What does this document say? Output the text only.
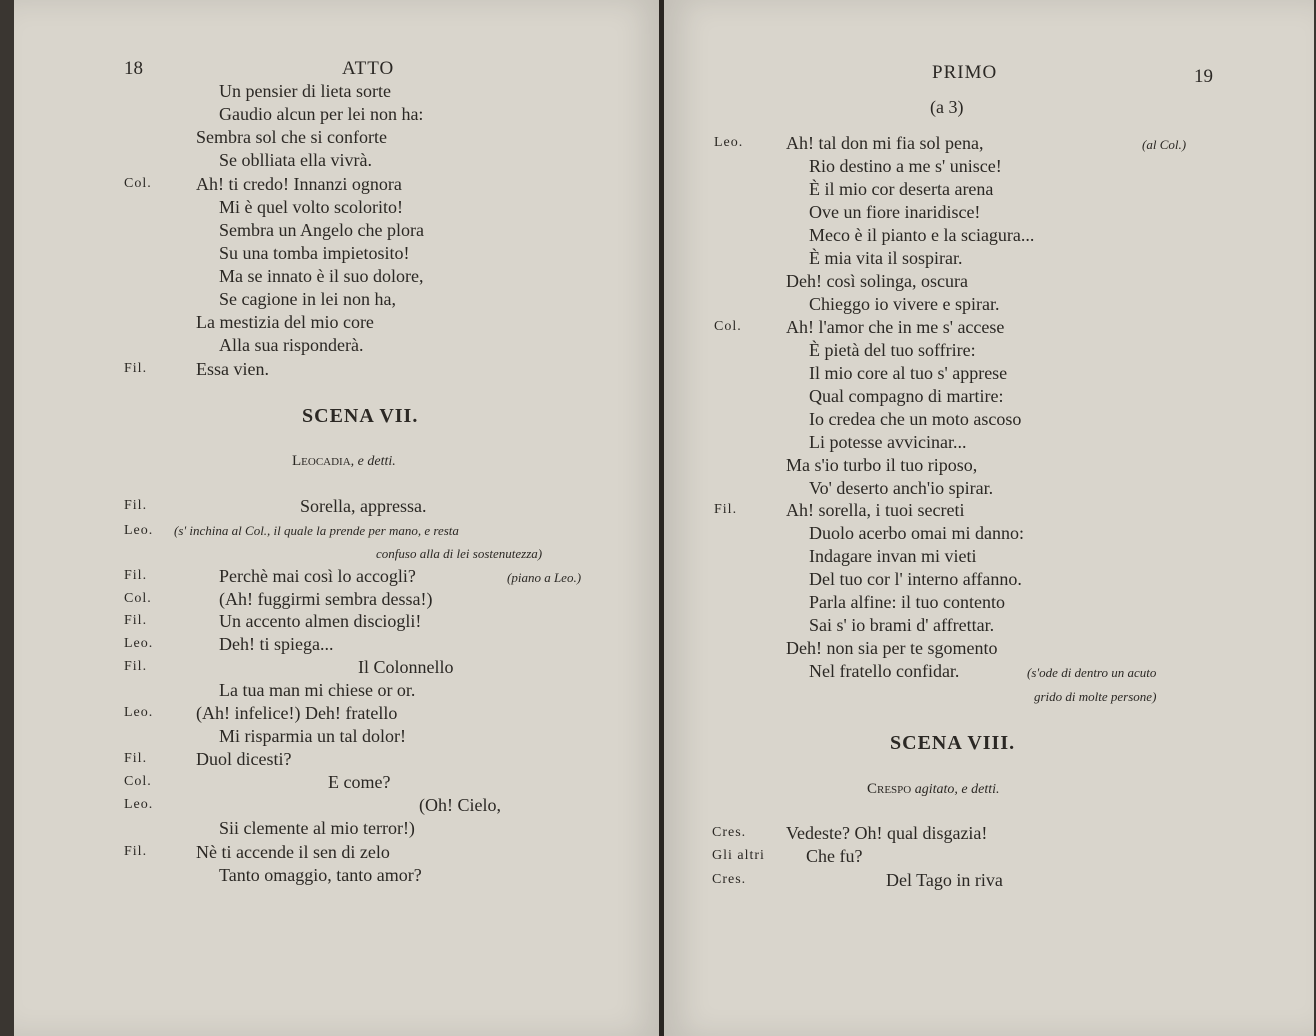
18	ATTO
Un pensier di lieta sorte
Gaudio alcun per lei non ha:
Sembra sol che si conforte
Se oblliata ella vivrà.
Col. Ah! ti credo! Innanzi ognora
Mi è quel volto scolorito!
Sembra un Angelo che plora
Su una tomba impietosito!
Ma se innato è il suo dolore,
Se cagione in lei non ha,
La mestizia del mio core
Alla sua risponderà.
Fil.	Essa vien.
SCENA VII.
Leocadia, e detti.
Fil.	Sorella, appressa.
Leo. (s' inchina al Col., il quale la prende per mano, e resta
confuso alla di lei sostenutezza)
Fil.	Perchè mai così lo accogli?	(piano a Leo.)
Col.	(Ah! fuggirmi sembra dessa!)
Fil.	Un accento almen disciogli!
Leo.	Deh! ti spiega...
Fil.	Il Colonnello
La tua man mi chiese or or.
Leo. (Ah! infelice!) Deh! fratello
Mi risparmia un tal dolor!
Fil.	Duol dicesti?
Col.	E come?
Leo.	(Oh! Cielo,
Sii clemente al mio terror!)
Fil.	Nè ti accende il sen di zelo
Tanto omaggio, tanto amor?
PRIMO	19
(a 3)
Leo. Ah! tal don mi fia sol pena,	(al Col.)
Rio destino a me s' unisce!
È il mio cor deserta arena
Ove un fiore inaridisce!
Meco è il pianto e la sciagura...
È mia vita il sospirar.
Deh! così solinga, oscura
Chieggo io vivere e spirar.
Col. Ah! l'amor che in me s' accese
È pietà del tuo soffrire:
Il mio core al tuo s' apprese
Qual compagno di martire:
Io credea che un moto ascoso
Li potesse avvicinar...
Ma s'io turbo il tuo riposo,
Vo' deserto anch'io spirar.
Fil.	Ah! sorella, i tuoi secreti
Duolo acerbo omai mi danno:
Indagare invan mi vieti
Del tuo cor l' interno affanno.
Parla alfine: il tuo contento
Sai s' io brami d' affrettar.
Deh! non sia per te sgomento
Nel fratello confidar.	(s'ode di dentro un acuto
grido di molte persone)
SCENA VIII.
Crespo agitato, e detti.
Cres. Vedeste? Oh! qual disgazia!
Gli altri Che fu?
Cres.	Del Tago in riva
